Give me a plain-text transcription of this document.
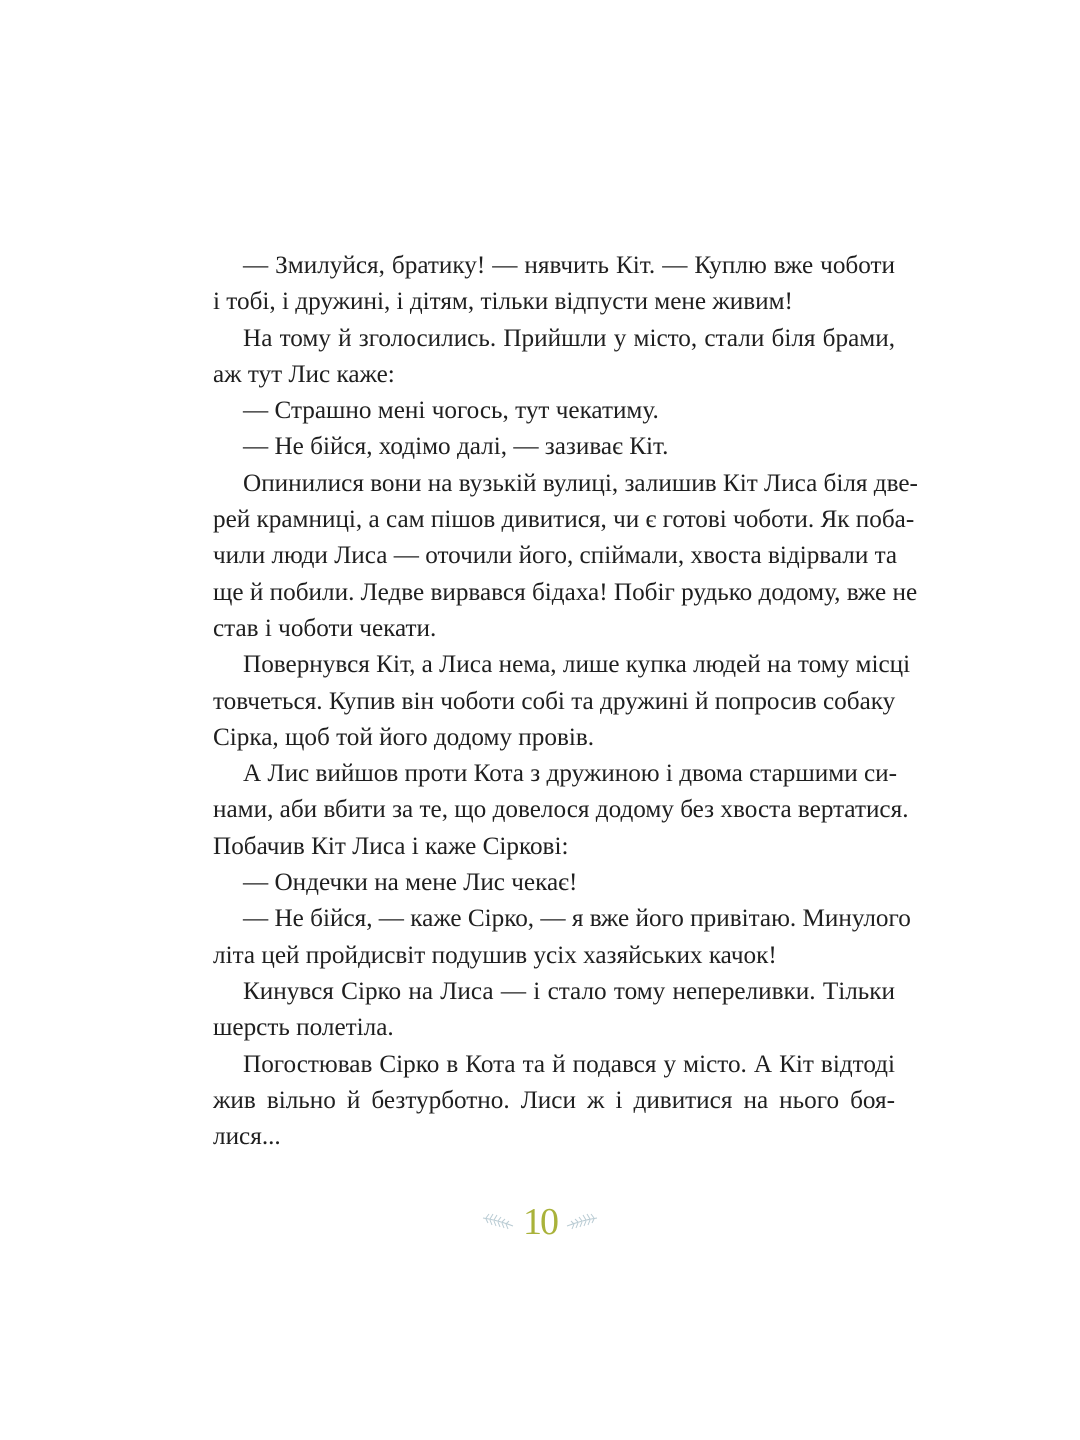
— Змилуйся, братику! — нявчить Кіт. — Куплю вже чоботи
і тобі, і дружині, і дітям, тільки відпусти мене живим!
На тому й зголосились. Прийшли у місто, стали біля брами,
аж тут Лис каже:
— Страшно мені чогось, тут чекатиму.
— Не бійся, ходімо далі, — зазиває Кіт.
Опинилися вони на вузькій вулиці, залишив Кіт Лиса біля две-
рей крамниці, а сам пішов дивитися, чи є готові чоботи. Як поба-
чили люди Лиса — оточили його, спіймали, хвоста відірвали та
ще й побили. Ледве вирвався бідаха! Побіг рудько додому, вже не
став і чоботи чекати.
Повернувся Кіт, а Лиса нема, лише купка людей на тому місці
товчеться. Купив він чоботи собі та дружині й попросив собаку
Сірка, щоб той його додому провів.
А Лис вийшов проти Кота з дружиною і двома старшими си-
нами, аби вбити за те, що довелося додому без хвоста вертатися.
Побачив Кіт Лиса і каже Сіркові:
— Ондечки на мене Лис чекає!
— Не бійся, — каже Сірко, — я вже його привітаю. Минулого
літа цей пройдисвіт подушив усіх хазяйських качок!
Кинувся Сірко на Лиса — і стало тому непереливки. Тільки
шерсть полетіла.
Погостював Сірко в Кота та й подався у місто. А Кіт відтоді
жив вільно й безтурботно. Лиси ж і дивитися на нього боя-
лися...
10
